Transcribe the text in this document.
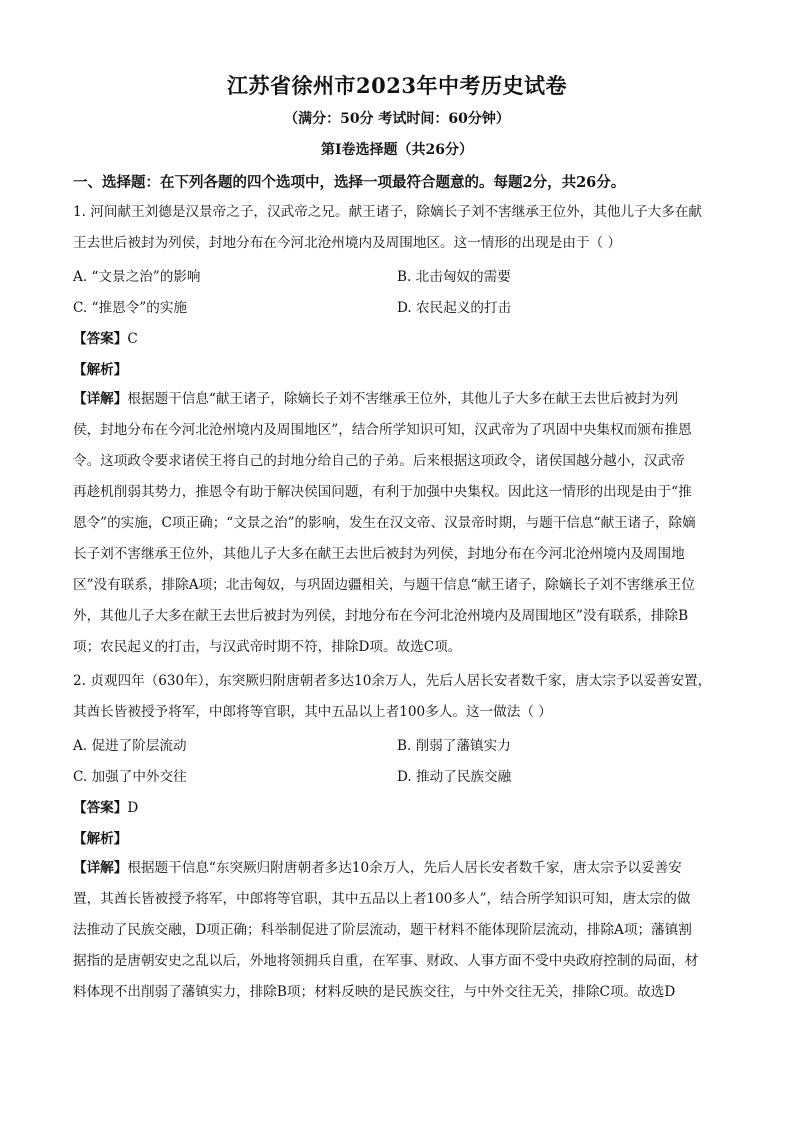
江苏省徐州市2023年中考历史试卷
（满分：50分 考试时间：60分钟）
第Ⅰ卷选择题（共26分）
一、选择题：在下列各题的四个选项中，选择一项最符合题意的。每题2分，共26分。
1. 河间献王刘德是汉景帝之子，汉武帝之兄。献王诸子，除嫡长子刘不害继承王位外，其他儿子大多在献
王去世后被封为列侯，封地分布在今河北沧州境内及周围地区。这一情形的出现是由于（ ）
A. “文景之治”的影响	B. 北击匈奴的需要
C. “推恩令”的实施	D. 农民起义的打击
【答案】C
【解析】
【详解】根据题干信息“献王诸子，除嫡长子刘不害继承王位外，其他儿子大多在献王去世后被封为列
侯，封地分布在今河北沧州境内及周围地区”，结合所学知识可知，汉武帝为了巩固中央集权而颁布推恩
令。这项政令要求诸侯王将自己的封地分给自己的子弟。后来根据这项政令，诸侯国越分越小，汉武帝
再趁机削弱其势力，推恩令有助于解决侯国问题，有利于加强中央集权。因此这一情形的出现是由于“推
恩令”的实施，C项正确；“文景之治”的影响，发生在汉文帝、汉景帝时期，与题干信息“献王诸子，除嫡
长子刘不害继承王位外，其他儿子大多在献王去世后被封为列侯，封地分布在今河北沧州境内及周围地
区”没有联系，排除A项；北击匈奴，与巩固边疆相关，与题干信息“献王诸子，除嫡长子刘不害继承王位
外，其他儿子大多在献王去世后被封为列侯，封地分布在今河北沧州境内及周围地区”没有联系，排除B
项；农民起义的打击，与汉武帝时期不符，排除D项。故选C项。
2. 贞观四年（630年），东突厥归附唐朝者多达10余万人，先后人居长安者数千家，唐太宗予以妥善安置，
其酋长皆被授予将军，中郎将等官职，其中五品以上者100多人。这一做法（ ）
A. 促进了阶层流动	B. 削弱了藩镇实力
C. 加强了中外交往	D. 推动了民族交融
【答案】D
【解析】
【详解】根据题干信息“东突厥归附唐朝者多达10余万人，先后人居长安者数千家，唐太宗予以妥善安
置，其酋长皆被授予将军，中郎将等官职，其中五品以上者100多人”，结合所学知识可知，唐太宗的做
法推动了民族交融，D项正确；科举制促进了阶层流动，题干材料不能体现阶层流动，排除A项；藩镇割
据指的是唐朝安史之乱以后，外地将领拥兵自重，在军事、财政、人事方面不受中央政府控制的局面，材
料体现不出削弱了藩镇实力，排除B项；材料反映的是民族交往，与中外交往无关，排除C项。故选D
